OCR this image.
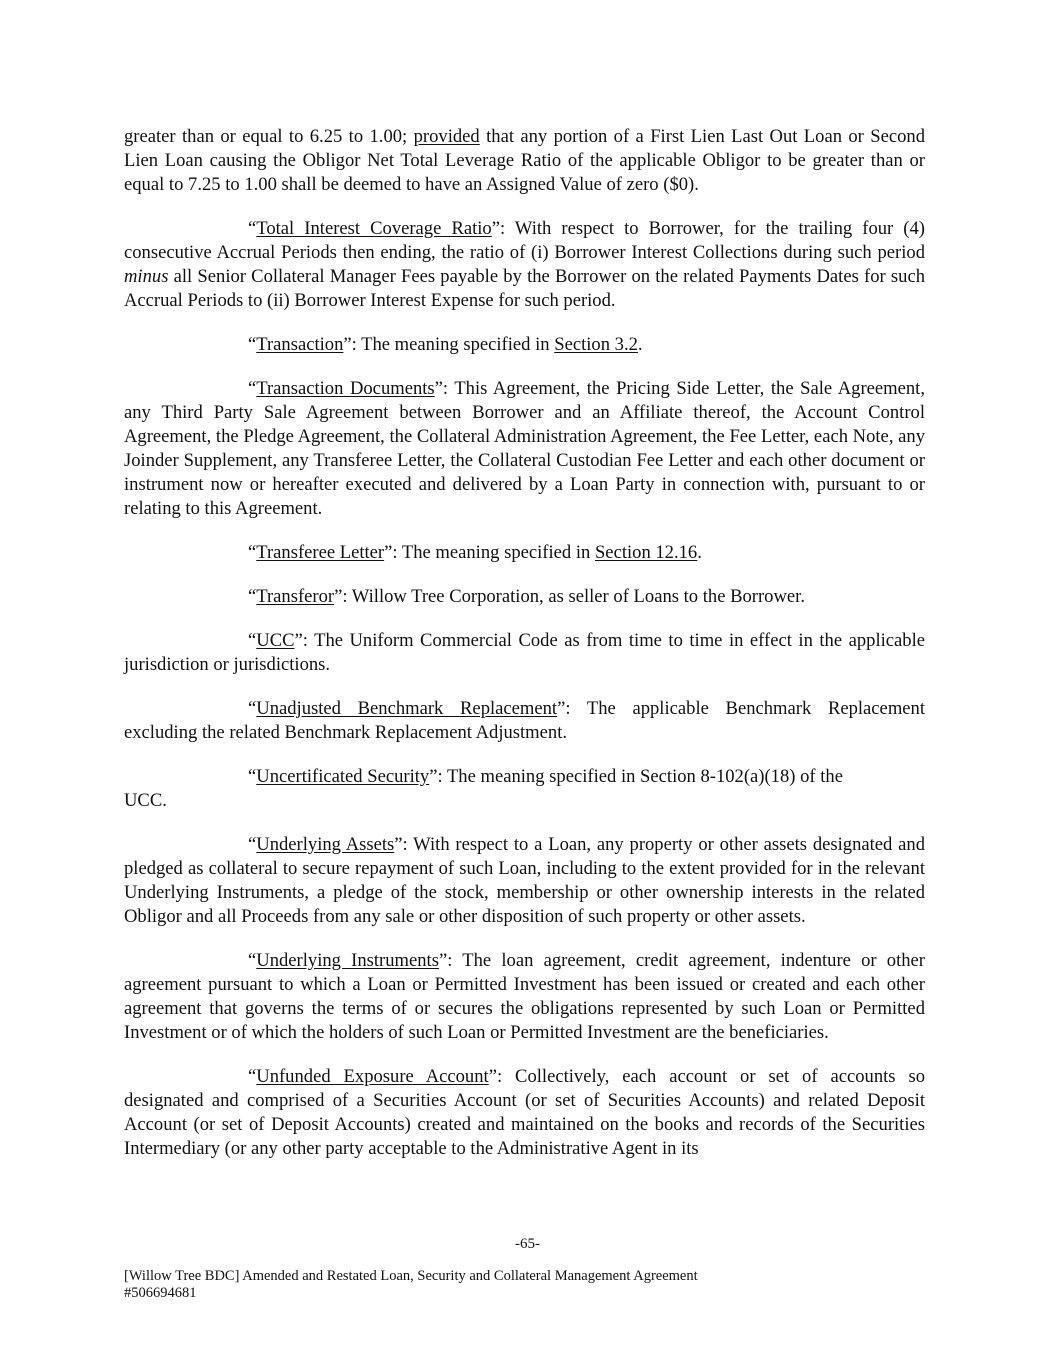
greater than or equal to 6.25 to 1.00; provided that any portion of a First Lien Last Out Loan or Second Lien Loan causing the Obligor Net Total Leverage Ratio of the applicable Obligor to be greater than or equal to 7.25 to 1.00 shall be deemed to have an Assigned Value of zero ($0).

“Total Interest Coverage Ratio”: With respect to Borrower, for the trailing four (4) consecutive Accrual Periods then ending, the ratio of (i) Borrower Interest Collections during such period minus all Senior Collateral Manager Fees payable by the Borrower on the related Payments Dates for such Accrual Periods to (ii) Borrower Interest Expense for such period.

“Transaction”: The meaning specified in Section 3.2.

“Transaction Documents”: This Agreement, the Pricing Side Letter, the Sale Agreement, any Third Party Sale Agreement between Borrower and an Affiliate thereof, the Account Control Agreement, the Pledge Agreement, the Collateral Administration Agreement, the Fee Letter, each Note, any Joinder Supplement, any Transferee Letter, the Collateral Custodian Fee Letter and each other document or instrument now or hereafter executed and delivered by a Loan Party in connection with, pursuant to or relating to this Agreement.

“Transferee Letter”: The meaning specified in Section 12.16.

“Transferor”: Willow Tree Corporation, as seller of Loans to the Borrower.

“UCC”: The Uniform Commercial Code as from time to time in effect in the applicable jurisdiction or jurisdictions.

“Unadjusted Benchmark Replacement”: The applicable Benchmark Replacement excluding the related Benchmark Replacement Adjustment.

“Uncertificated Security”: The meaning specified in Section 8-102(a)(18) of the
UCC.

“Underlying Assets”: With respect to a Loan, any property or other assets designated and pledged as collateral to secure repayment of such Loan, including to the extent provided for in the relevant Underlying Instruments, a pledge of the stock, membership or other ownership interests in the related Obligor and all Proceeds from any sale or other disposition of such property or other assets.

“Underlying Instruments”: The loan agreement, credit agreement, indenture or other agreement pursuant to which a Loan or Permitted Investment has been issued or created and each other agreement that governs the terms of or secures the obligations represented by such Loan or Permitted Investment or of which the holders of such Loan or Permitted Investment are the beneficiaries.

“Unfunded Exposure Account”: Collectively, each account or set of accounts so designated and comprised of a Securities Account (or set of Securities Accounts) and related Deposit Account (or set of Deposit Accounts) created and maintained on the books and records of the Securities Intermediary (or any other party acceptable to the Administrative Agent in its

-65-
[Willow Tree BDC] Amended and Restated Loan, Security and Collateral Management Agreement
#506694681
